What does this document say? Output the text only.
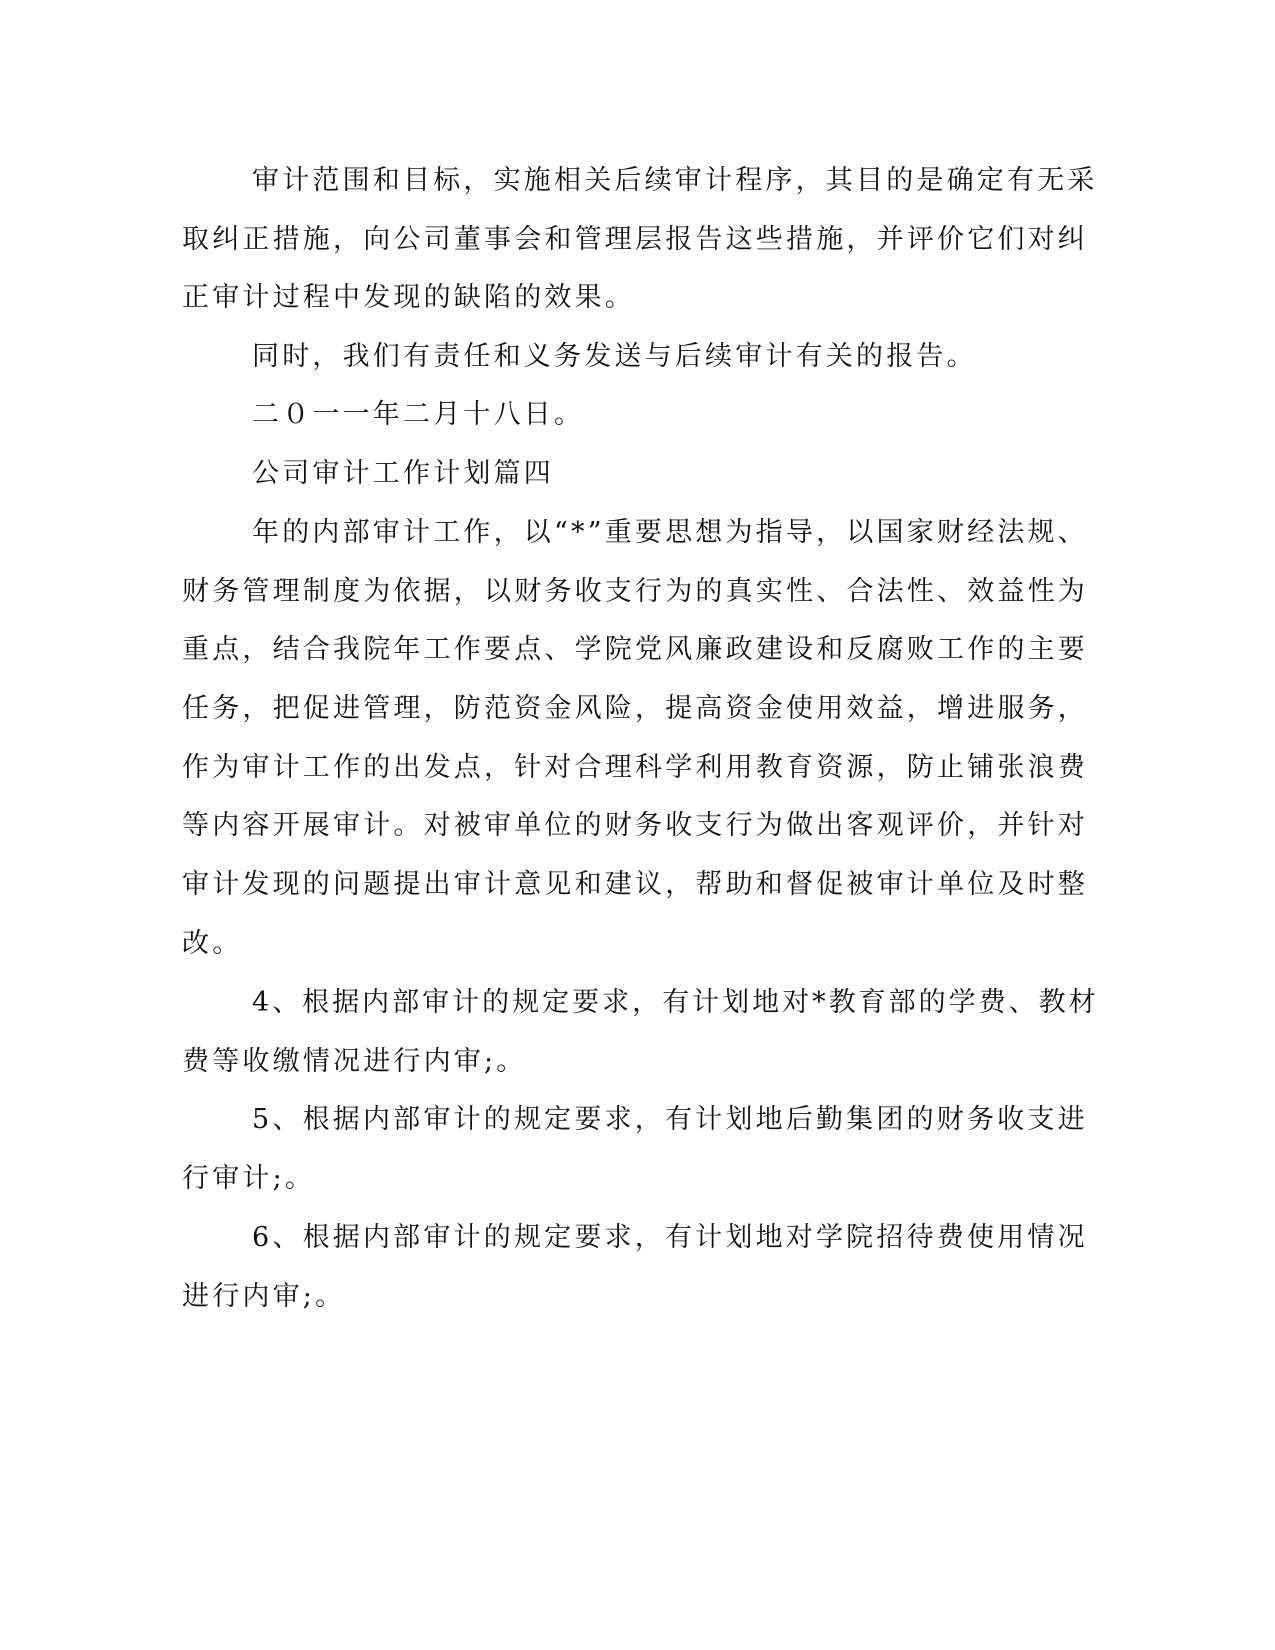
审计范围和目标，实施相关后续审计程序，其目的是确定有无采
取纠正措施，向公司董事会和管理层报告这些措施，并评价它们对纠
正审计过程中发现的缺陷的效果。
同时，我们有责任和义务发送与后续审计有关的报告。
二０一一年二月十八日。
公司审计工作计划篇四
年的内部审计工作，以“*”重要思想为指导，以国家财经法规、
财务管理制度为依据，以财务收支行为的真实性、合法性、效益性为
重点，结合我院年工作要点、学院党风廉政建设和反腐败工作的主要
任务，把促进管理，防范资金风险，提高资金使用效益，增进服务，
作为审计工作的出发点，针对合理科学利用教育资源，防止铺张浪费
等内容开展审计。对被审单位的财务收支行为做出客观评价，并针对
审计发现的问题提出审计意见和建议，帮助和督促被审计单位及时整
改。
4、根据内部审计的规定要求，有计划地对*教育部的学费、教材
费等收缴情况进行内审;。
5、根据内部审计的规定要求，有计划地后勤集团的财务收支进
行审计;。
6、根据内部审计的规定要求，有计划地对学院招待费使用情况
进行内审;。
